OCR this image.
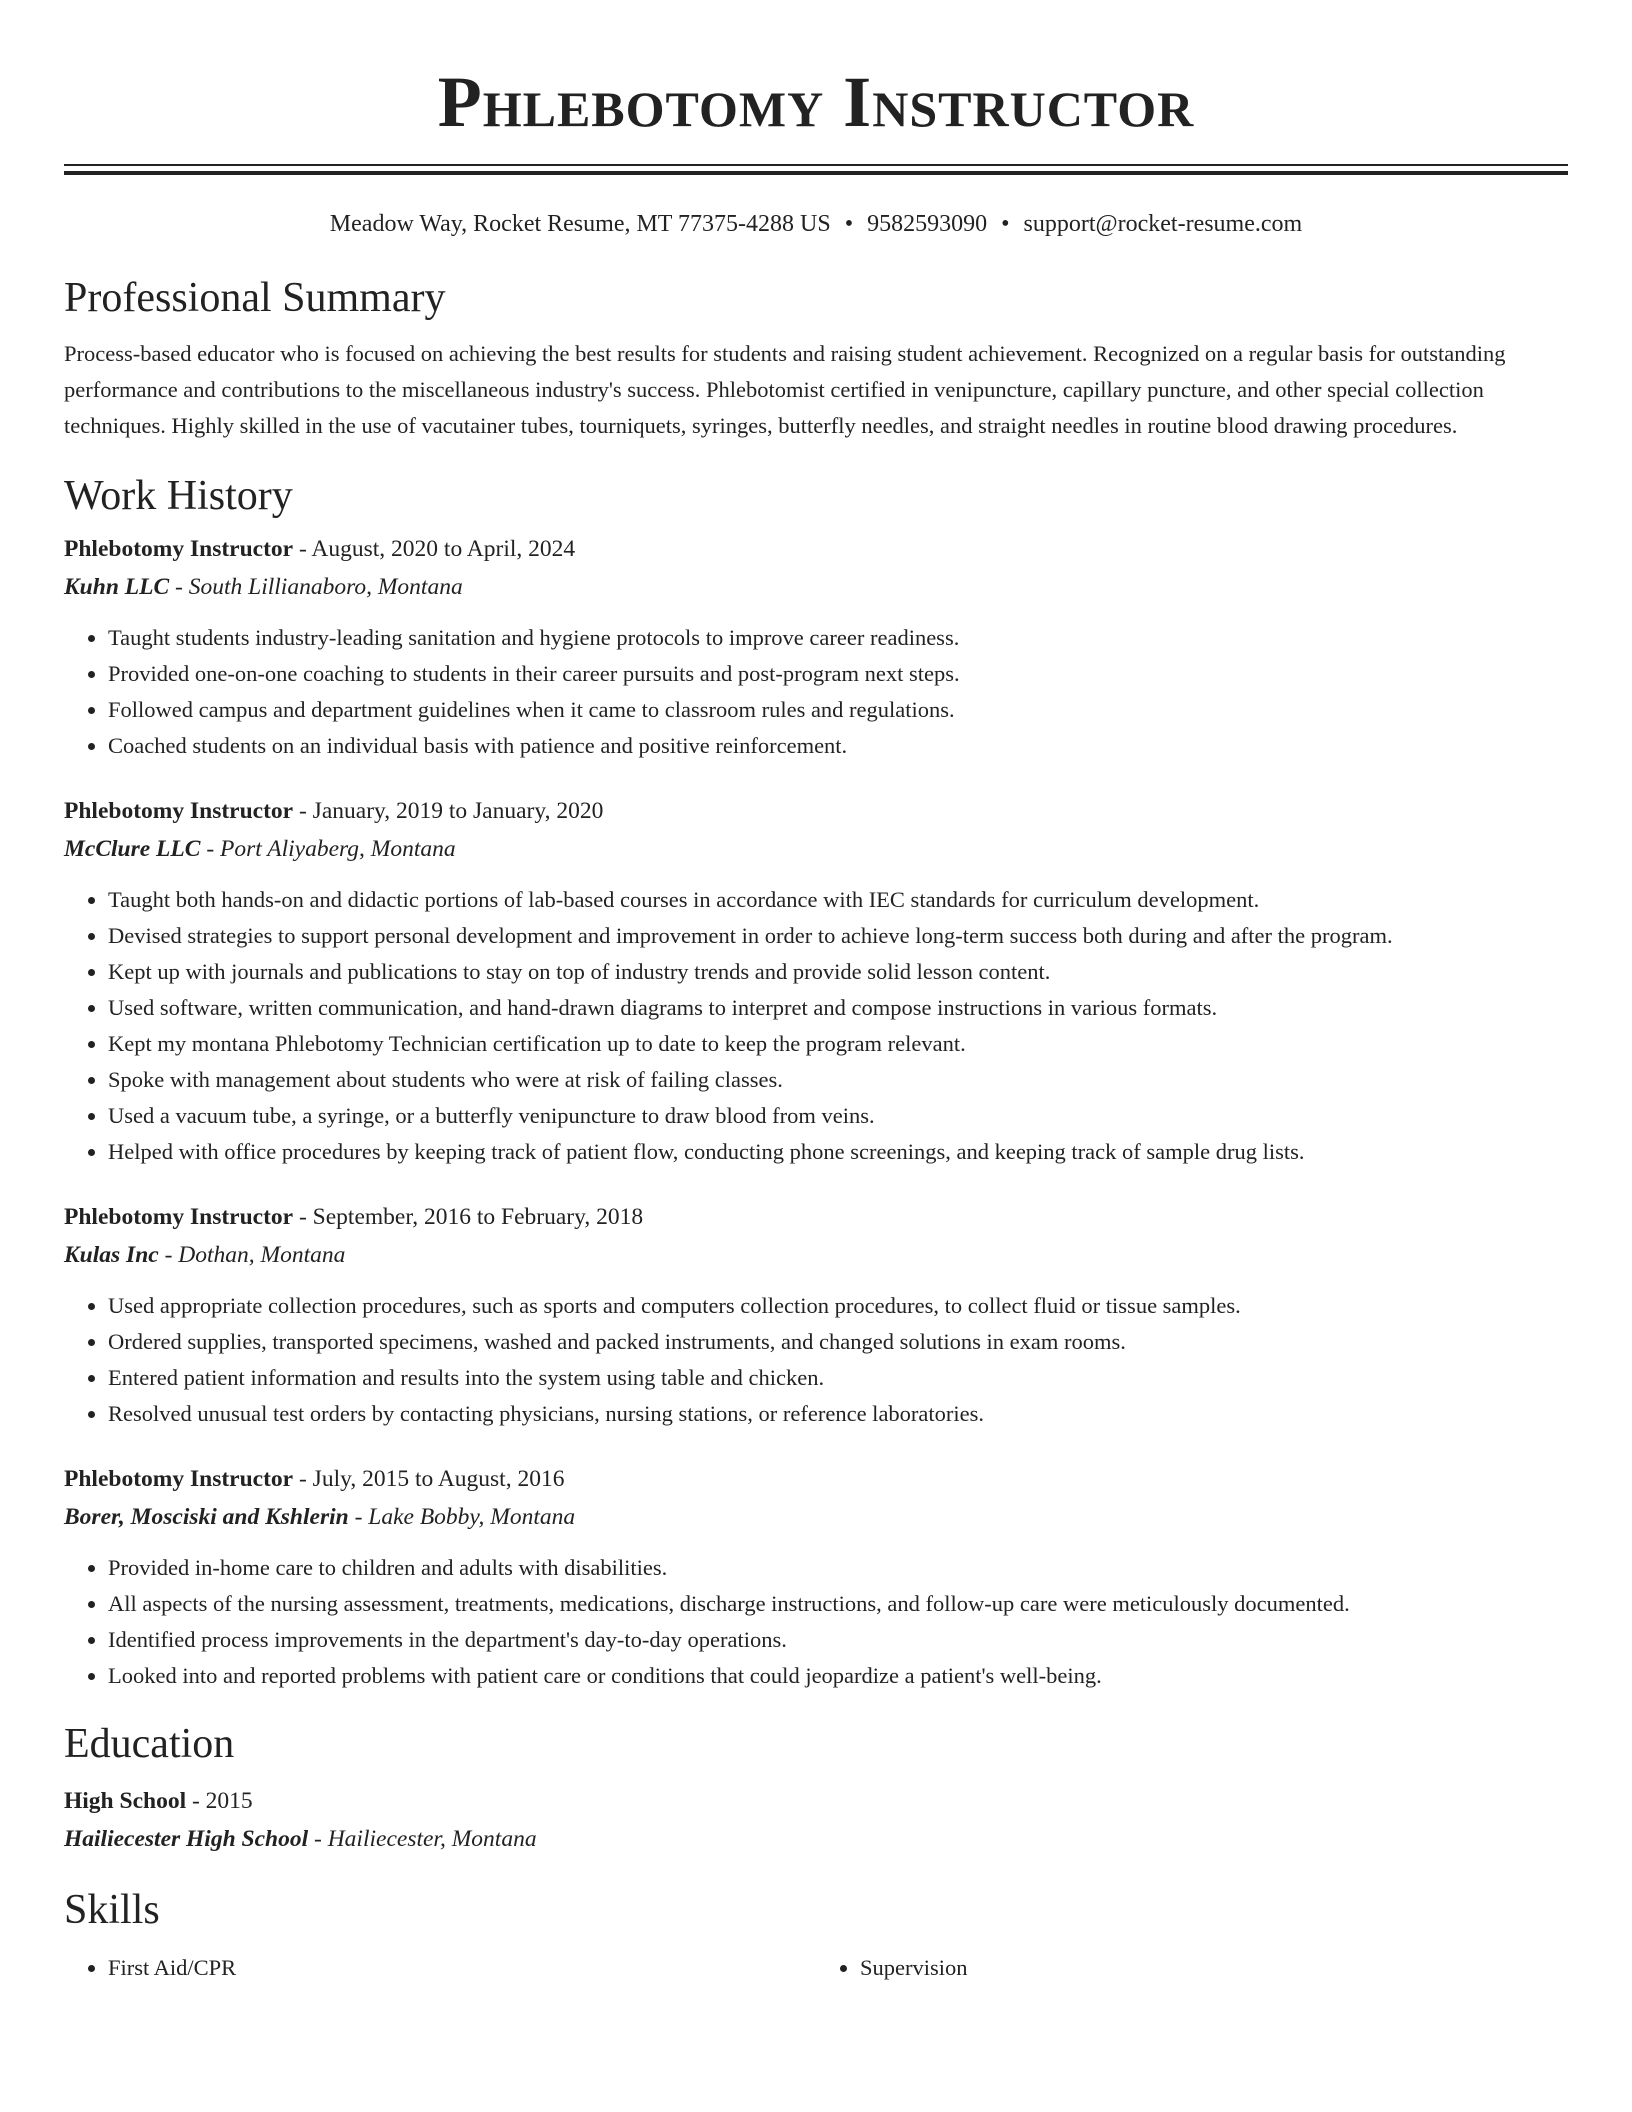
Phlebotomy Instructor
Meadow Way, Rocket Resume, MT 77375-4288 US • 9582593090 • support@rocket-resume.com
Professional Summary
Process-based educator who is focused on achieving the best results for students and raising student achievement. Recognized on a regular basis for outstanding performance and contributions to the miscellaneous industry's success. Phlebotomist certified in venipuncture, capillary puncture, and other special collection techniques. Highly skilled in the use of vacutainer tubes, tourniquets, syringes, butterfly needles, and straight needles in routine blood drawing procedures.
Work History
Phlebotomy Instructor - August, 2020 to April, 2024
Kuhn LLC - South Lillianaboro, Montana
• Taught students industry-leading sanitation and hygiene protocols to improve career readiness.
• Provided one-on-one coaching to students in their career pursuits and post-program next steps.
• Followed campus and department guidelines when it came to classroom rules and regulations.
• Coached students on an individual basis with patience and positive reinforcement.
Phlebotomy Instructor - January, 2019 to January, 2020
McClure LLC - Port Aliyaberg, Montana
• Taught both hands-on and didactic portions of lab-based courses in accordance with IEC standards for curriculum development.
• Devised strategies to support personal development and improvement in order to achieve long-term success both during and after the program.
• Kept up with journals and publications to stay on top of industry trends and provide solid lesson content.
• Used software, written communication, and hand-drawn diagrams to interpret and compose instructions in various formats.
• Kept my montana Phlebotomy Technician certification up to date to keep the program relevant.
• Spoke with management about students who were at risk of failing classes.
• Used a vacuum tube, a syringe, or a butterfly venipuncture to draw blood from veins.
• Helped with office procedures by keeping track of patient flow, conducting phone screenings, and keeping track of sample drug lists.
Phlebotomy Instructor - September, 2016 to February, 2018
Kulas Inc - Dothan, Montana
• Used appropriate collection procedures, such as sports and computers collection procedures, to collect fluid or tissue samples.
• Ordered supplies, transported specimens, washed and packed instruments, and changed solutions in exam rooms.
• Entered patient information and results into the system using table and chicken.
• Resolved unusual test orders by contacting physicians, nursing stations, or reference laboratories.
Phlebotomy Instructor - July, 2015 to August, 2016
Borer, Mosciski and Kshlerin - Lake Bobby, Montana
• Provided in-home care to children and adults with disabilities.
• All aspects of the nursing assessment, treatments, medications, discharge instructions, and follow-up care were meticulously documented.
• Identified process improvements in the department's day-to-day operations.
• Looked into and reported problems with patient care or conditions that could jeopardize a patient's well-being.
Education
High School - 2015
Hailiecester High School - Hailiecester, Montana
Skills
• First Aid/CPR
•	Supervision
